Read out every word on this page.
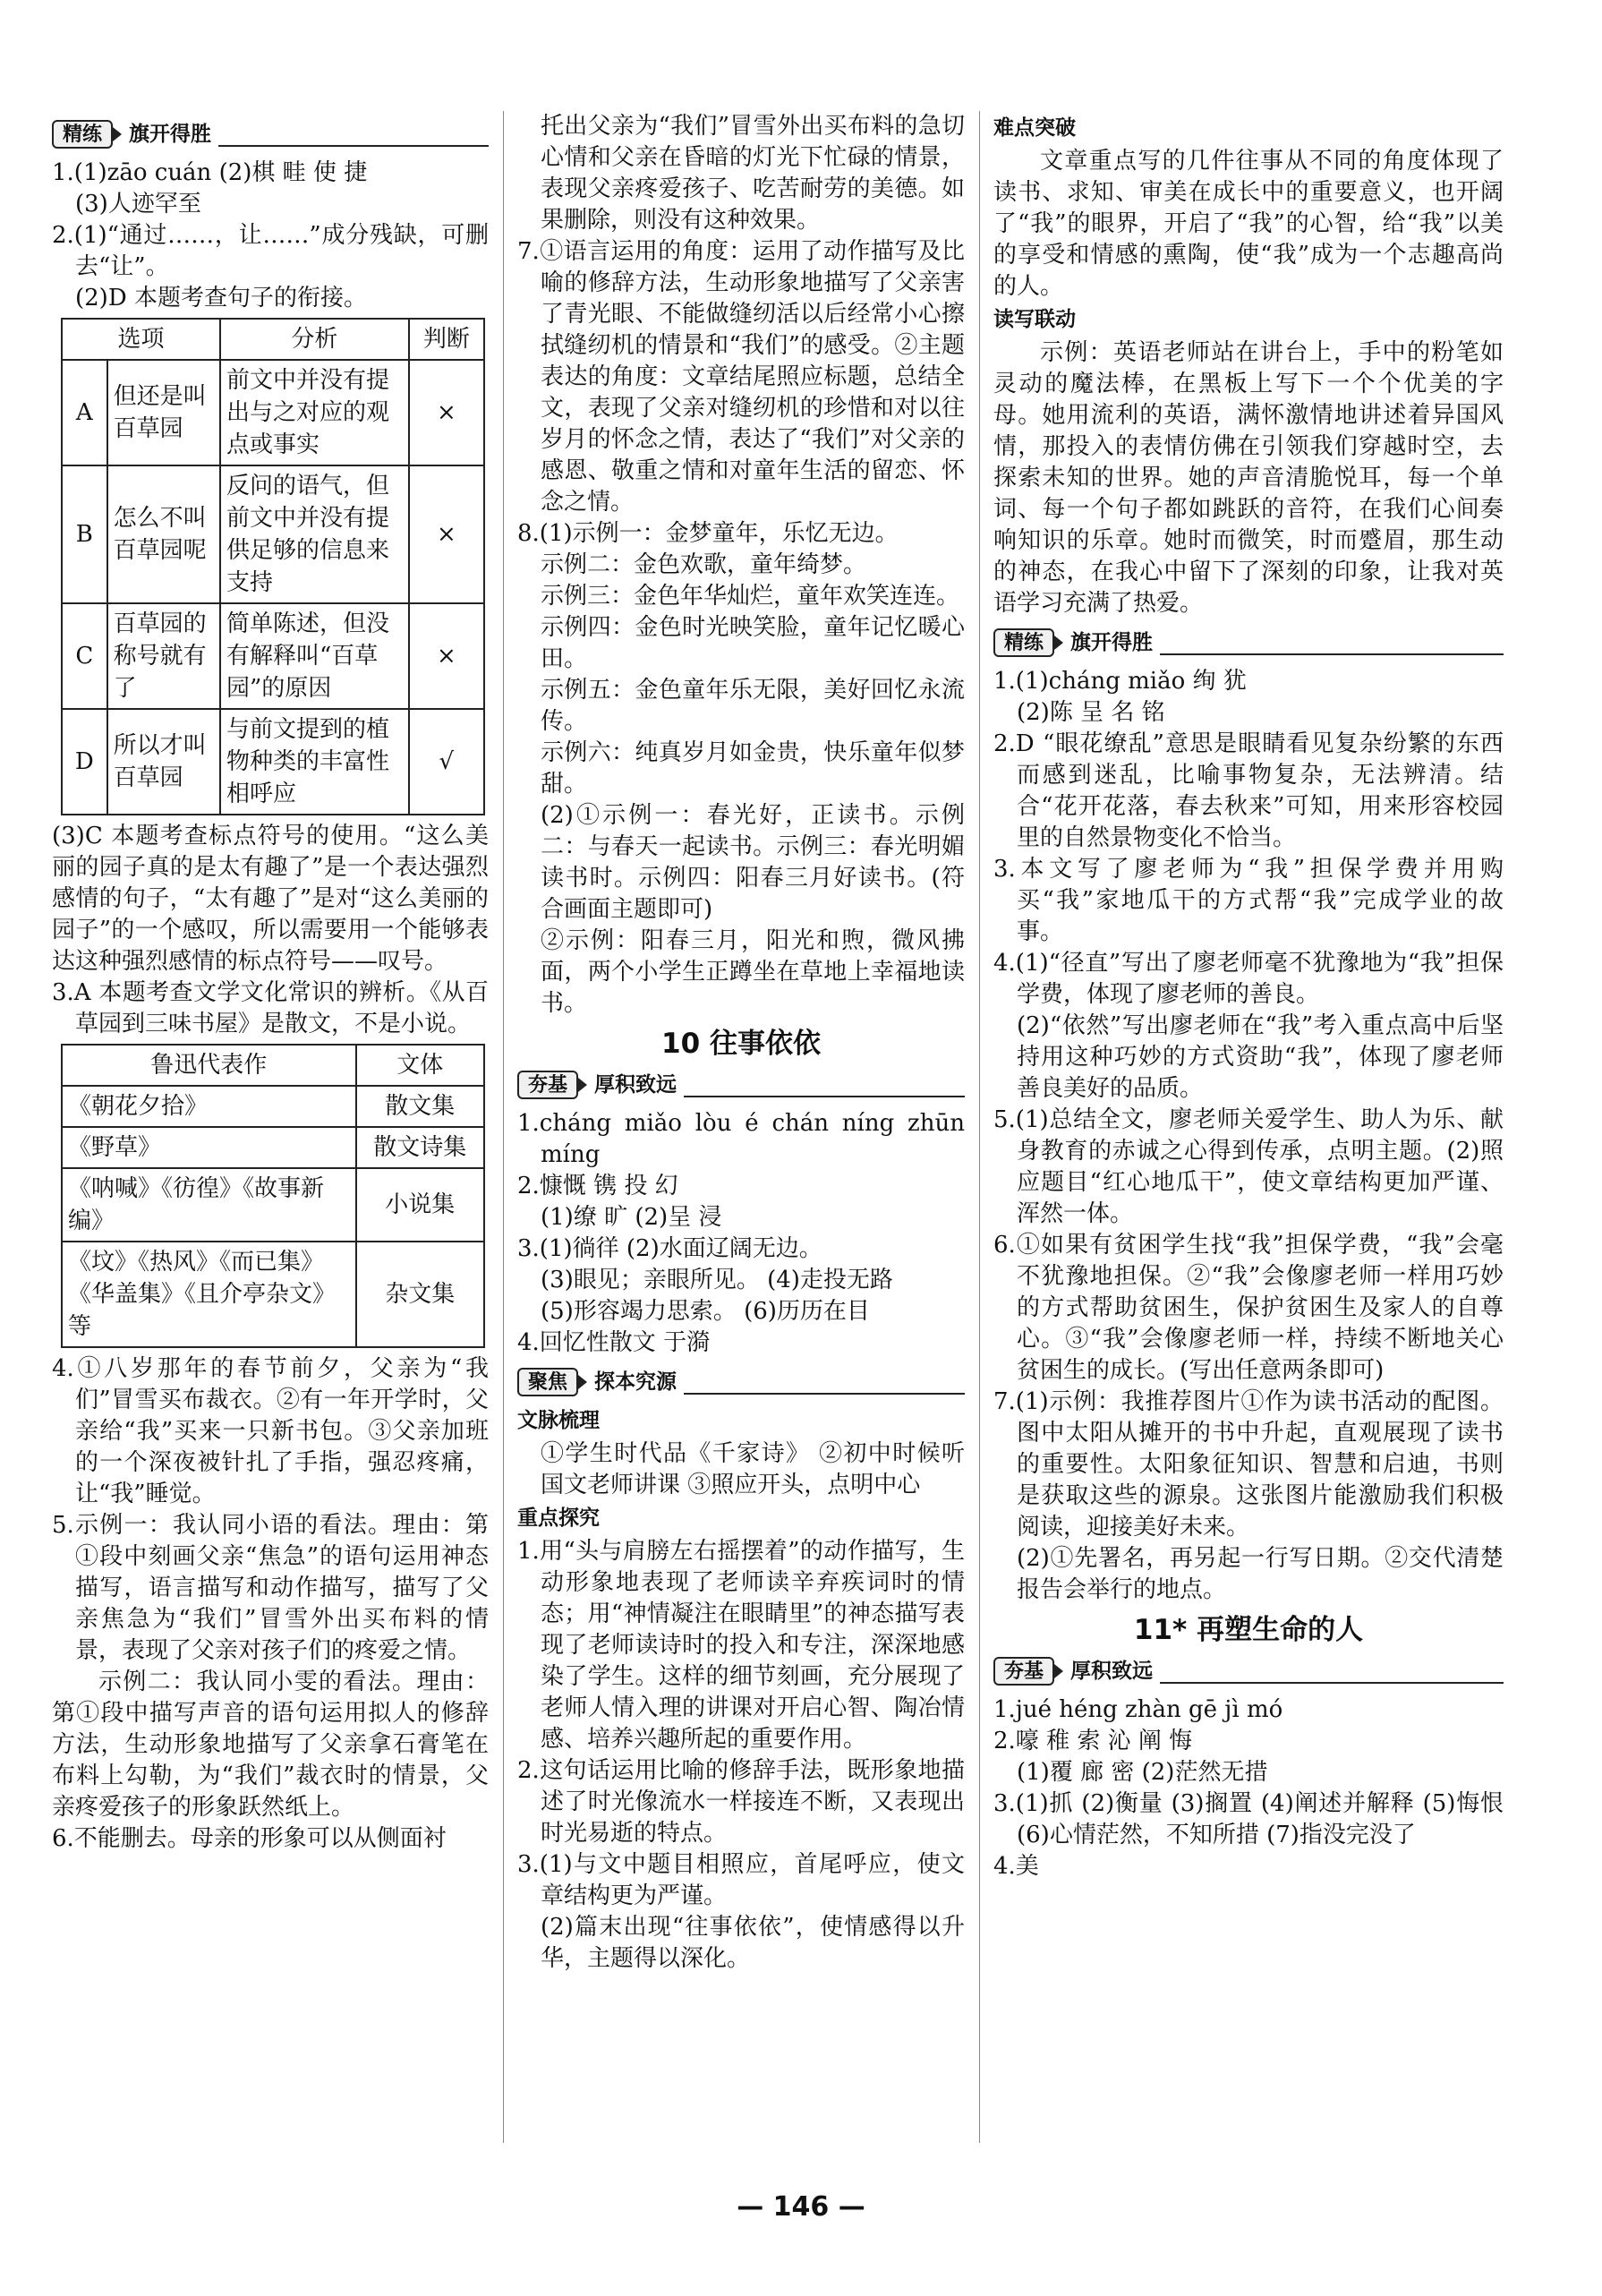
精练	旗开得胜

1.(1)zāo cuán (2)棋 畦 使 捷

(3)人迹罕至

2.(1)“通过……，让……”成分残缺，可删去“让”。

(2)D 本题考查句子的衔接。

选项		分析	判断
A	但还是叫百草园	前文中并没有提出与之对应的观点或事实	×
B	怎么不叫百草园呢	反问的语气，但前文中并没有提供足够的信息来支持	×
C	百草园的称号就有了	简单陈述，但没有解释叫“百草园”的原因	×
D	所以才叫百草园	与前文提到的植物种类的丰富性相呼应	√

(3)C 本题考查标点符号的使用。“这么美丽的园子真的是太有趣了”是一个表达强烈感情的句子，“太有趣了”是对“这么美丽的园子”的一个感叹，所以需要用一个能够表达这种强烈感情的标点符号——叹号。

3.A 本题考查文学文化常识的辨析。《从百草园到三味书屋》是散文，不是小说。

鲁迅代表作	文体
《朝花夕拾》	散文集
《野草》	散文诗集
《呐喊》《彷徨》《故事新编》	小说集
《坟》《热风》《而已集》《华盖集》《且介亭杂文》等	杂文集

4.①八岁那年的春节前夕，父亲为“我们”冒雪买布裁衣。②有一年开学时，父亲给“我”买来一只新书包。③父亲加班的一个深夜被针扎了手指，强忍疼痛，让“我”睡觉。

5.示例一：我认同小语的看法。理由：第①段中刻画父亲“焦急”的语句运用神态描写，语言描写和动作描写，描写了父亲焦急为“我们”冒雪外出买布料的情景，表现了父亲对孩子们的疼爱之情。

示例二：我认同小雯的看法。理由：第①段中描写声音的语句运用拟人的修辞方法，生动形象地描写了父亲拿石膏笔在布料上勾勒，为“我们”裁衣时的情景，父亲疼爱孩子的形象跃然纸上。

6.不能删去。母亲的形象可以从侧面衬

托出父亲为“我们”冒雪外出买布料的急切心情和父亲在昏暗的灯光下忙碌的情景，表现父亲疼爱孩子、吃苦耐劳的美德。如果删除，则没有这种效果。

7.①语言运用的角度：运用了动作描写及比喻的修辞方法，生动形象地描写了父亲害了青光眼、不能做缝纫活以后经常小心擦拭缝纫机的情景和“我们”的感受。②主题表达的角度：文章结尾照应标题，总结全文，表现了父亲对缝纫机的珍惜和对以往岁月的怀念之情，表达了“我们”对父亲的感恩、敬重之情和对童年生活的留恋、怀念之情。

8.(1)示例一：金梦童年，乐忆无边。

示例二：金色欢歌，童年绮梦。

示例三：金色年华灿烂，童年欢笑连连。

示例四：金色时光映笑脸，童年记忆暖心田。

示例五：金色童年乐无限，美好回忆永流传。

示例六：纯真岁月如金贵，快乐童年似梦甜。

(2)①示例一：春光好，正读书。示例二：与春天一起读书。示例三：春光明媚读书时。示例四：阳春三月好读书。(符合画面主题即可)

②示例：阳春三月，阳光和煦，微风拂面，两个小学生正蹲坐在草地上幸福地读书。

10 往事依依
夯基	厚积致远

1.cháng miǎo lòu é chán níng zhūn míng

2.慷慨 镌 投 幻

(1)缭 旷 (2)呈 浸

3.(1)徜徉 (2)水面辽阔无边。

(3)眼见；亲眼所见。 (4)走投无路

(5)形容竭力思索。 (6)历历在目

4.回忆性散文 于漪

聚焦	探本究源
文脉梳理

①学生时代品《千家诗》 ②初中时候听国文老师讲课 ③照应开头，点明中心

重点探究

1.用“头与肩膀左右摇摆着”的动作描写，生动形象地表现了老师读辛弃疾词时的情态；用“神情凝注在眼睛里”的神态描写表现了老师读诗时的投入和专注，深深地感染了学生。这样的细节刻画，充分展现了老师人情入理的讲课对开启心智、陶冶情感、培养兴趣所起的重要作用。

2.这句话运用比喻的修辞手法，既形象地描述了时光像流水一样接连不断，又表现出时光易逝的特点。

3.(1)与文中题目相照应，首尾呼应，使文章结构更为严谨。

(2)篇末出现“往事依依”，使情感得以升华，主题得以深化。

难点突破

文章重点写的几件往事从不同的角度体现了读书、求知、审美在成长中的重要意义，也开阔了“我”的眼界，开启了“我”的心智，给“我”以美的享受和情感的熏陶，使“我”成为一个志趣高尚的人。

读写联动

示例：英语老师站在讲台上，手中的粉笔如灵动的魔法棒，在黑板上写下一个个优美的字母。她用流利的英语，满怀激情地讲述着异国风情，那投入的表情仿佛在引领我们穿越时空，去探索未知的世界。她的声音清脆悦耳，每一个单词、每一个句子都如跳跃的音符，在我们心间奏响知识的乐章。她时而微笑，时而蹙眉，那生动的神态，在我心中留下了深刻的印象，让我对英语学习充满了热爱。

精练	旗开得胜

1.(1)cháng miǎo 绚 犹

(2)陈 呈 名 铭

2.D “眼花缭乱”意思是眼睛看见复杂纷繁的东西而感到迷乱，比喻事物复杂，无法辨清。结合“花开花落，春去秋来”可知，用来形容校园里的自然景物变化不恰当。

3.本文写了廖老师为“我”担保学费并用购买“我”家地瓜干的方式帮“我”完成学业的故事。

4.(1)“径直”写出了廖老师毫不犹豫地为“我”担保学费，体现了廖老师的善良。

(2)“依然”写出廖老师在“我”考入重点高中后坚持用这种巧妙的方式资助“我”，体现了廖老师善良美好的品质。

5.(1)总结全文，廖老师关爱学生、助人为乐、献身教育的赤诚之心得到传承，点明主题。(2)照应题目“红心地瓜干”，使文章结构更加严谨、浑然一体。

6.①如果有贫困学生找“我”担保学费，“我”会毫不犹豫地担保。②“我”会像廖老师一样用巧妙的方式帮助贫困生，保护贫困生及家人的自尊心。③“我”会像廖老师一样，持续不断地关心贫困生的成长。(写出任意两条即可)

7.(1)示例：我推荐图片①作为读书活动的配图。图中太阳从摊开的书中升起，直观展现了读书的重要性。太阳象征知识、智慧和启迪，书则是获取这些的源泉。这张图片能激励我们积极阅读，迎接美好未来。

(2)①先署名，再另起一行写日期。②交代清楚报告会举行的地点。

11* 再塑生命的人
夯基	厚积致远

1.jué héng zhàn gē jì mó

2.嚎 稚 索 沁 阐 悔

(1)覆 廊 密 (2)茫然无措

3.(1)抓 (2)衡量 (3)搁置 (4)阐述并解释 (5)悔恨 (6)心情茫然，不知所措 (7)指没完没了

4.美

— 146 —
